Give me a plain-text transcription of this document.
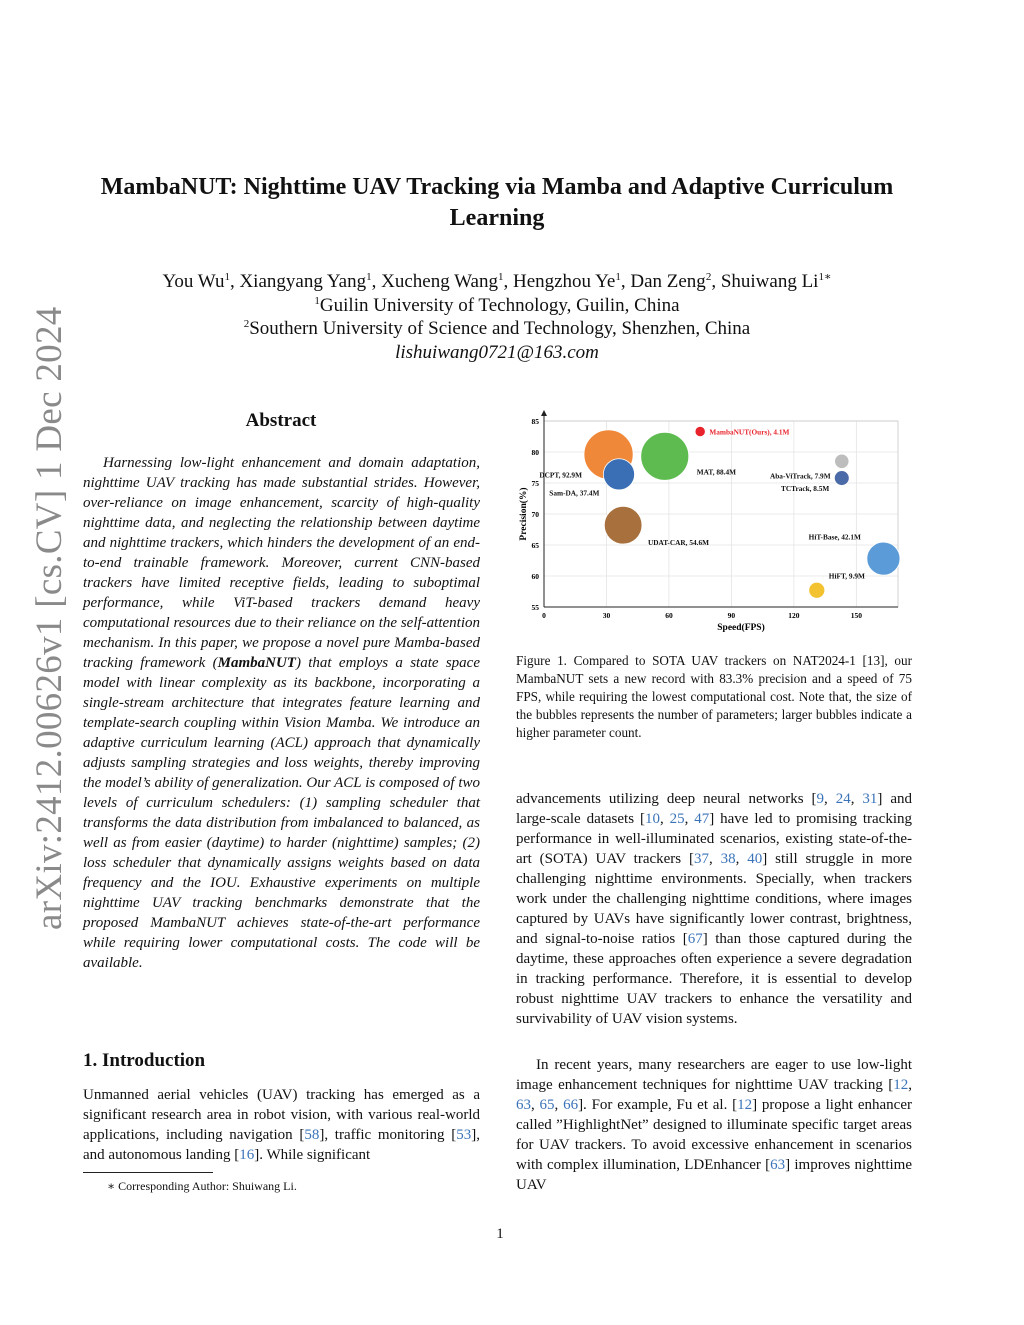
arXiv:2412.00626v1 [cs.CV] 1 Dec 2024
MambaNUT: Nighttime UAV Tracking via Mamba and Adaptive Curriculum
Learning
You Wu$^1$, Xiangyang Yang$^1$, Xucheng Wang$^1$, Hengzhou Ye$^1$, Dan Zeng$^2$, Shuiwang $Li^{1∗}$
$^1$Guilin University of Technology, Guilin, China
$^2$Southern University of Science and Technology, Shenzhen, China
lishuiwang0721@163.com
Abstract

Harnessing low-light enhancement and domain adaptation, nighttime UAV tracking has made substantial strides. However, over-reliance on image enhancement, scarcity of high-quality nighttime data, and neglecting the relationship between daytime and nighttime trackers, which hinders the development of an end-to-end trainable framework. Moreover, current CNN-based trackers have limited receptive fields, leading to suboptimal performance, while ViT-based trackers demand heavy computational resources due to their reliance on the self-attention mechanism. In this paper, we propose a novel pure Mamba-based tracking framework (MambaNUT) that employs a state space model with linear complexity as its backbone, incorporating a single-stream architecture that integrates feature learning and template-search coupling within Vision Mamba. We introduce an adaptive curriculum learning (ACL) approach that dynamically adjusts sampling strategies and loss weights, thereby improving the model’s ability of generalization. Our ACL is composed of two levels of curriculum schedulers: (1) sampling scheduler that transforms the data distribution from imbalanced to balanced, as well as from easier (daytime) to harder (nighttime) samples; (2) loss scheduler that dynamically assigns weights based on data frequency and the IOU. Exhaustive experiments on multiple nighttime UAV tracking benchmarks demonstrate that the proposed MambaNUT achieves state-of-the-art performance while requiring lower computational costs. The code will be available.

1. Introduction

Unmanned aerial vehicles (UAV) tracking has emerged as a significant research area in robot vision, with various real-world applications, including navigation [58], traffic monitoring [53], and autonomous landing [16]. While significant

∗ Corresponding Author: Shuiwang Li.
55
60
65
70
75
80
85
0	30	60	90	120	150
Speed(FPS)
Precision(%)
DCPT, 92.9M	MAT, 88.4M
MambaNUT(Ours), 4.1M
Sam-DA, 37.4M
UDAT-CAR, 54.6M
Aba-ViTrack, 7.9M
TCTrack, 8.5M
HiT-Base, 42.1M
HiFT, 9.9M

Figure 1. Compared to SOTA UAV trackers on NAT2024-1 [13], our MambaNUT sets a new record with 83.3% precision and a speed of 75 FPS, while requiring the lowest computational cost. Note that, the size of the bubbles represents the number of parameters; larger bubbles indicate a higher parameter count.

advancements utilizing deep neural networks [9, 24, 31] and large-scale datasets [10, 25, 47] have led to promising tracking performance in well-illuminated scenarios, existing state-of-the-art (SOTA) UAV trackers [37, 38, 40] still struggle in more challenging nighttime environments. Specially, when trackers work under the challenging nighttime conditions, where images captured by UAVs have significantly lower contrast, brightness, and signal-to-noise ratios [67] than those captured during the daytime, these approaches often experience a severe degradation in tracking performance. Therefore, it is essential to develop robust nighttime UAV trackers to enhance the versatility and survivability of UAV vision systems.

In recent years, many researchers are eager to use low-light image enhancement techniques for nighttime UAV tracking [12, 63, 65, 66]. For example, Fu et al. [12] propose a light enhancer called ”HighlightNet” designed to illuminate specific target areas for UAV trackers. To avoid excessive enhancement in scenarios with complex illumination, LDEnhancer [63] improves nighttime UAV

1
